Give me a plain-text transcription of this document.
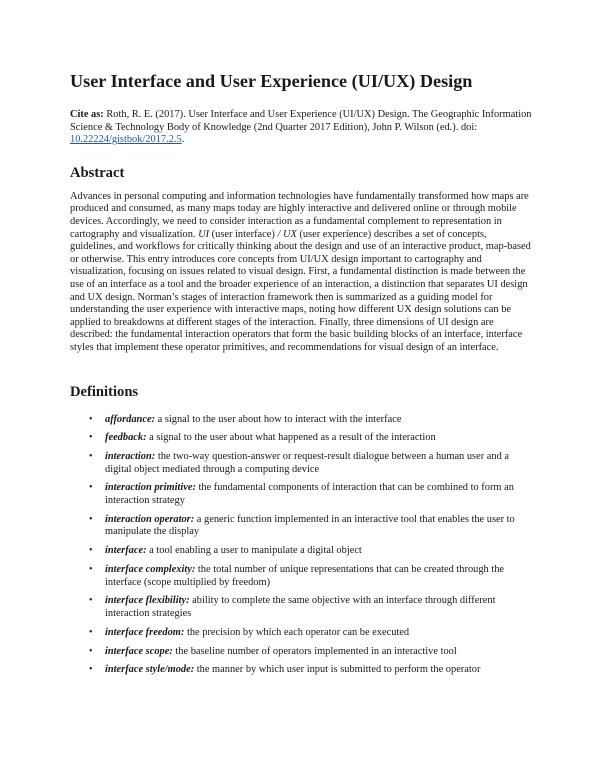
User Interface and User Experience (UI/UX) Design
Cite as: Roth, R. E. (2017). User Interface and User Experience (UI/UX) Design. The Geographic Information Science & Technology Body of Knowledge (2nd Quarter 2017 Edition), John P. Wilson (ed.). doi: 10.22224/gistbok/2017.2.5.
Abstract
Advances in personal computing and information technologies have fundamentally transformed how maps are produced and consumed, as many maps today are highly interactive and delivered online or through mobile devices. Accordingly, we need to consider interaction as a fundamental complement to representation in cartography and visualization. UI (user interface) / UX (user experience) describes a set of concepts, guidelines, and workflows for critically thinking about the design and use of an interactive product, map-based or otherwise. This entry introduces core concepts from UI/UX design important to cartography and visualization, focusing on issues related to visual design. First, a fundamental distinction is made between the use of an interface as a tool and the broader experience of an interaction, a distinction that separates UI design and UX design. Norman’s stages of interaction framework then is summarized as a guiding model for understanding the user experience with interactive maps, noting how different UX design solutions can be applied to breakdowns at different stages of the interaction. Finally, three dimensions of UI design are described: the fundamental interaction operators that form the basic building blocks of an interface, interface styles that implement these operator primitives, and recommendations for visual design of an interface.
Definitions
• affordance: a signal to the user about how to interact with the interface
• feedback: a signal to the user about what happened as a result of the interaction
• interaction: the two-way question-answer or request-result dialogue between a human user and a digital object mediated through a computing device
• interaction primitive: the fundamental components of interaction that can be combined to form an interaction strategy
• interaction operator: a generic function implemented in an interactive tool that enables the user to manipulate the display
• interface: a tool enabling a user to manipulate a digital object
• interface complexity: the total number of unique representations that can be created through the interface (scope multiplied by freedom)
• interface flexibility: ability to complete the same objective with an interface through different interaction strategies
• interface freedom: the precision by which each operator can be executed
• interface scope: the baseline number of operators implemented in an interactive tool
• interface style/mode: the manner by which user input is submitted to perform the operator
